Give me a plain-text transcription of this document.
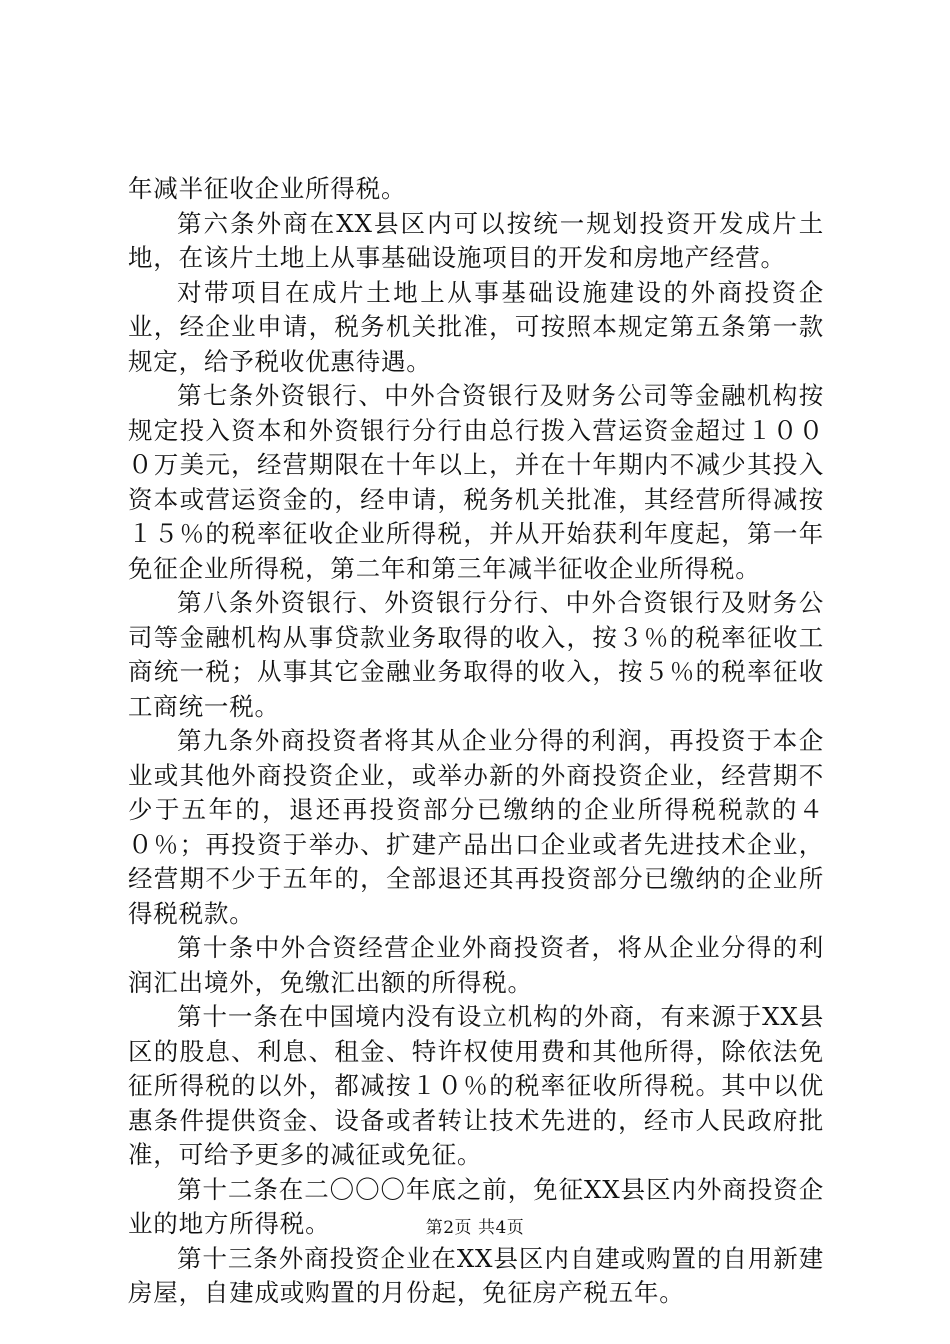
年减半征收企业所得税。

第六条外商在XX县区内可以按统一规划投资开发成片土地，在该片土地上从事基础设施项目的开发和房地产经营。

对带项目在成片土地上从事基础设施建设的外商投资企业，经企业申请，税务机关批准，可按照本规定第五条第一款规定，给予税收优惠待遇。

第七条外资银行、中外合资银行及财务公司等金融机构按规定投入资本和外资银行分行由总行拨入营运资金超过１０００万美元，经营期限在十年以上，并在十年期内不减少其投入资本或营运资金的，经申请，税务机关批准，其经营所得减按１５％的税率征收企业所得税，并从开始获利年度起，第一年免征企业所得税，第二年和第三年减半征收企业所得税。

第八条外资银行、外资银行分行、中外合资银行及财务公司等金融机构从事贷款业务取得的收入，按３％的税率征收工商统一税；从事其它金融业务取得的收入，按５％的税率征收工商统一税。

第九条外商投资者将其从企业分得的利润，再投资于本企业或其他外商投资企业，或举办新的外商投资企业，经营期不少于五年的，退还再投资部分已缴纳的企业所得税税款的４０％；再投资于举办、扩建产品出口企业或者先进技术企业，经营期不少于五年的，全部退还其再投资部分已缴纳的企业所得税税款。

第十条中外合资经营企业外商投资者，将从企业分得的利润汇出境外，免缴汇出额的所得税。

第十一条在中国境内没有设立机构的外商，有来源于XX县区的股息、利息、租金、特许权使用费和其他所得，除依法免征所得税的以外，都减按１０％的税率征收所得税。其中以优惠条件提供资金、设备或者转让技术先进的，经市人民政府批准，可给予更多的减征或免征。

第十二条在二〇〇〇年底之前，免征XX县区内外商投资企业的地方所得税。

第十三条外商投资企业在XX县区内自建或购置的自用新建房屋，自建成或购置的月份起，免征房产税五年。

第2页 共4页
